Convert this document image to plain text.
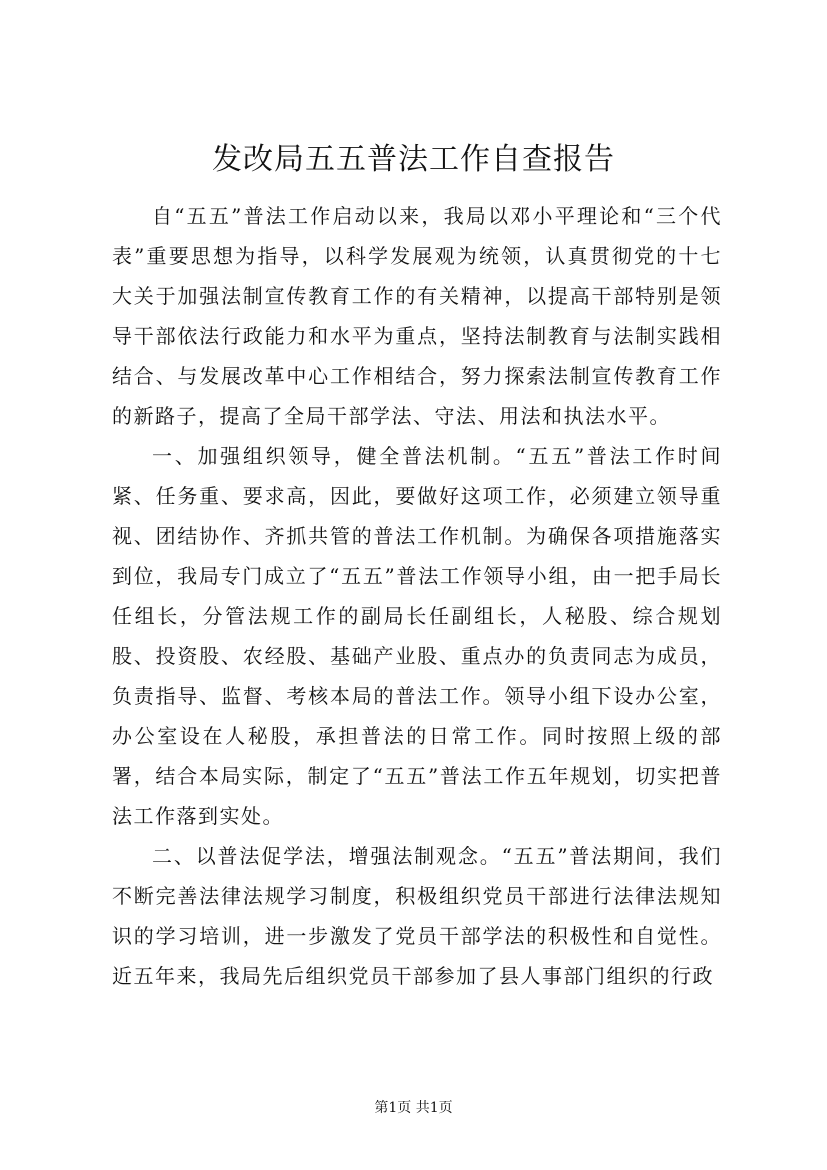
发改局五五普法工作自查报告

自“五五”普法工作启动以来，我局以邓小平理论和“三个代表”重要思想为指导，以科学发展观为统领，认真贯彻党的十七大关于加强法制宣传教育工作的有关精神，以提高干部特别是领导干部依法行政能力和水平为重点，坚持法制教育与法制实践相结合、与发展改革中心工作相结合，努力探索法制宣传教育工作的新路子，提高了全局干部学法、守法、用法和执法水平。

一、加强组织领导，健全普法机制。“五五”普法工作时间紧、任务重、要求高，因此，要做好这项工作，必须建立领导重视、团结协作、齐抓共管的普法工作机制。为确保各项措施落实到位，我局专门成立了“五五”普法工作领导小组，由一把手局长任组长，分管法规工作的副局长任副组长，人秘股、综合规划股、投资股、农经股、基础产业股、重点办的负责同志为成员，负责指导、监督、考核本局的普法工作。领导小组下设办公室，办公室设在人秘股，承担普法的日常工作。同时按照上级的部署，结合本局实际，制定了“五五”普法工作五年规划，切实把普法工作落到实处。

二、以普法促学法，增强法制观念。“五五”普法期间，我们不断完善法律法规学习制度，积极组织党员干部进行法律法规知识的学习培训，进一步激发了党员干部学法的积极性和自觉性。近五年来，我局先后组织党员干部参加了县人事部门组织的行政

第1页 共1页
